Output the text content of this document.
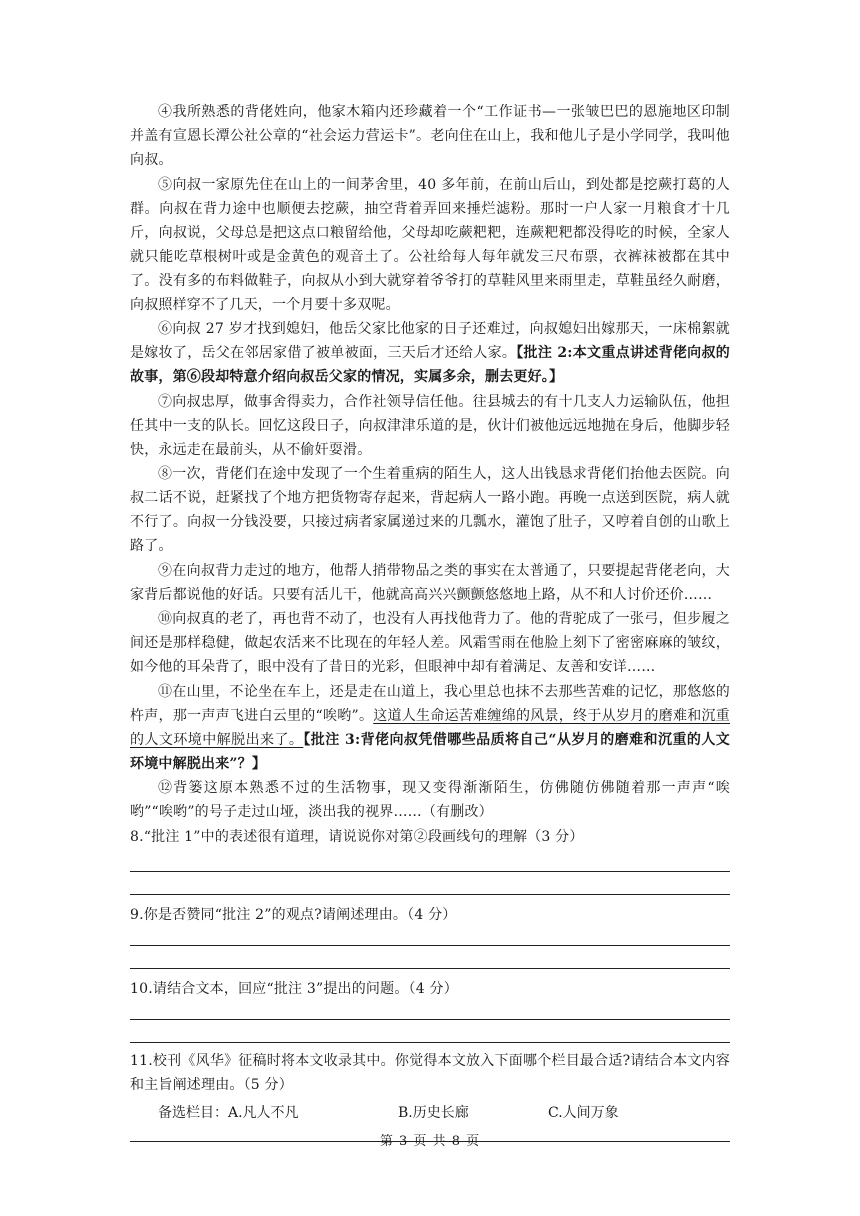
④我所熟悉的背佬姓向，他家木箱内还珍藏着一个“工作证书—一张皱巴巴的恩施地区印制并盖有宣恩长潭公社公章的“社会运力营运卡”。老向住在山上，我和他儿子是小学同学，我叫他向叔。

⑤向叔一家原先住在山上的一间茅舍里，40 多年前，在前山后山，到处都是挖蕨打葛的人群。向叔在背力途中也顺便去挖蕨，抽空背着弄回来捶烂滤粉。那时一户人家一月粮食才十几斤，向叔说，父母总是把这点口粮留给他，父母却吃蕨粑粑，连蕨粑粑都没得吃的时候，全家人就只能吃草根树叶或是金黄色的观音土了。公社给每人每年就发三尺布票，衣裤袜被都在其中了。没有多的布料做鞋子，向叔从小到大就穿着爷爷打的草鞋风里来雨里走，草鞋虽经久耐磨，向叔照样穿不了几天，一个月要十多双呢。

⑥向叔 27 岁才找到媳妇，他岳父家比他家的日子还难过，向叔媳妇出嫁那天，一床棉絮就是嫁妆了，岳父在邻居家借了被单被面，三天后才还给人家。【批注 2:本文重点讲述背佬向叔的故事，第⑥段却特意介绍向叔岳父家的情况，实属多余，删去更好。】

⑦向叔忠厚，做事舍得卖力，合作社领导信任他。往县城去的有十几支人力运输队伍，他担任其中一支的队长。回忆这段日子，向叔津津乐道的是，伙计们被他远远地抛在身后，他脚步轻快，永远走在最前头，从不偷奸耍滑。

⑧一次，背佬们在途中发现了一个生着重病的陌生人，这人出钱恳求背佬们抬他去医院。向叔二话不说，赶紧找了个地方把货物寄存起来，背起病人一路小跑。再晚一点送到医院，病人就不行了。向叔一分钱没要，只接过病者家属递过来的几瓢水，灌饱了肚子，又哼着自创的山歌上路了。

⑨在向叔背力走过的地方，他帮人捎带物品之类的事实在太普通了，只要提起背佬老向，大家背后都说他的好话。只要有活儿干，他就高高兴兴颤颤悠悠地上路，从不和人讨价还价……

⑩向叔真的老了，再也背不动了，也没有人再找他背力了。他的背驼成了一张弓，但步履之间还是那样稳健，做起农活来不比现在的年轻人差。风霜雪雨在他脸上刻下了密密麻麻的皱纹，如今他的耳朵背了，眼中没有了昔日的光彩，但眼神中却有着满足、友善和安详……

⑪在山里，不论坐在车上，还是走在山道上，我心里总也抹不去那些苦难的记忆，那悠悠的杵声，那一声声飞进白云里的“唉哟”。这道人生命运苦难缠绵的风景，终于从岁月的磨难和沉重的人文环境中解脱出来了。【批注 3:背佬向叔凭借哪些品质将自己“从岁月的磨难和沉重的人文环境中解脱出来”？】

⑫背篓这原本熟悉不过的生活物事，现又变得渐渐陌生，仿佛随仿佛随着那一声声“唉哟”“唉哟”的号子走过山垭，淡出我的视界……（有删改）

8.“批注 1”中的表述很有道理，请说说你对第②段画线句的理解（3 分）

9.你是否赞同“批注 2”的观点?请阐述理由。（4 分）

10.请结合文本，回应“批注 3”提出的问题。（4 分）

11.校刊《风华》征稿时将本文收录其中。你觉得本文放入下面哪个栏目最合适?请结合本文内容和主旨阐述理由。（5 分）

备选栏目：A.凡人不凡	B.历史长廊	C.人间万象
第 3 页 共 8 页
